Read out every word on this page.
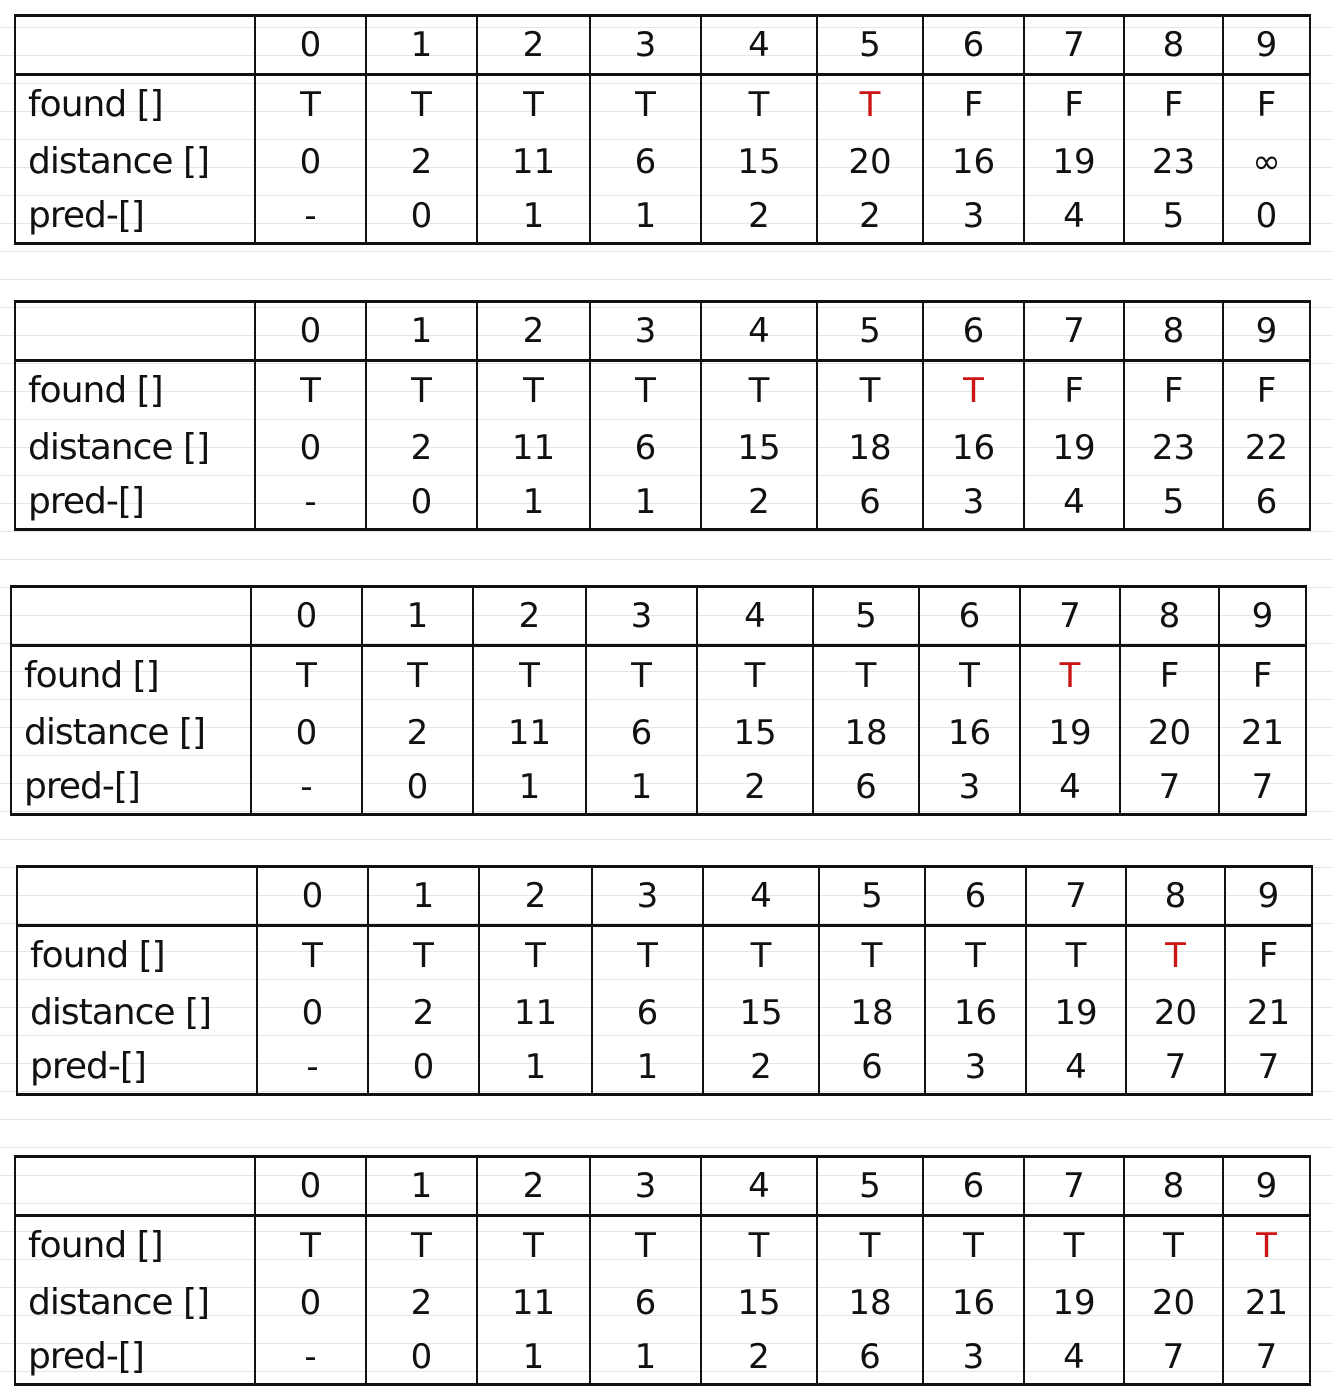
	0	1	2	3	4	5	6	7	8	9
found []	T	T	T	T	T	T	F	F	F	F
distance []	0	2	11	6	15	20	16	19	23	∞
pred-[]	-	0	1	1	2	2	3	4	5	0
	0	1	2	3	4	5	6	7	8	9
found []	T	T	T	T	T	T	T	F	F	F
distance []	0	2	11	6	15	18	16	19	23	22
pred-[]	-	0	1	1	2	6	3	4	5	6
	0	1	2	3	4	5	6	7	8	9
found []	T	T	T	T	T	T	T	T	F	F
distance []	0	2	11	6	15	18	16	19	20	21
pred-[]	-	0	1	1	2	6	3	4	7	7
	0	1	2	3	4	5	6	7	8	9
found []	T	T	T	T	T	T	T	T	T	F
distance []	0	2	11	6	15	18	16	19	20	21
pred-[]	-	0	1	1	2	6	3	4	7	7
	0	1	2	3	4	5	6	7	8	9
found []	T	T	T	T	T	T	T	T	T	T
distance []	0	2	11	6	15	18	16	19	20	21
pred-[]	-	0	1	1	2	6	3	4	7	7
